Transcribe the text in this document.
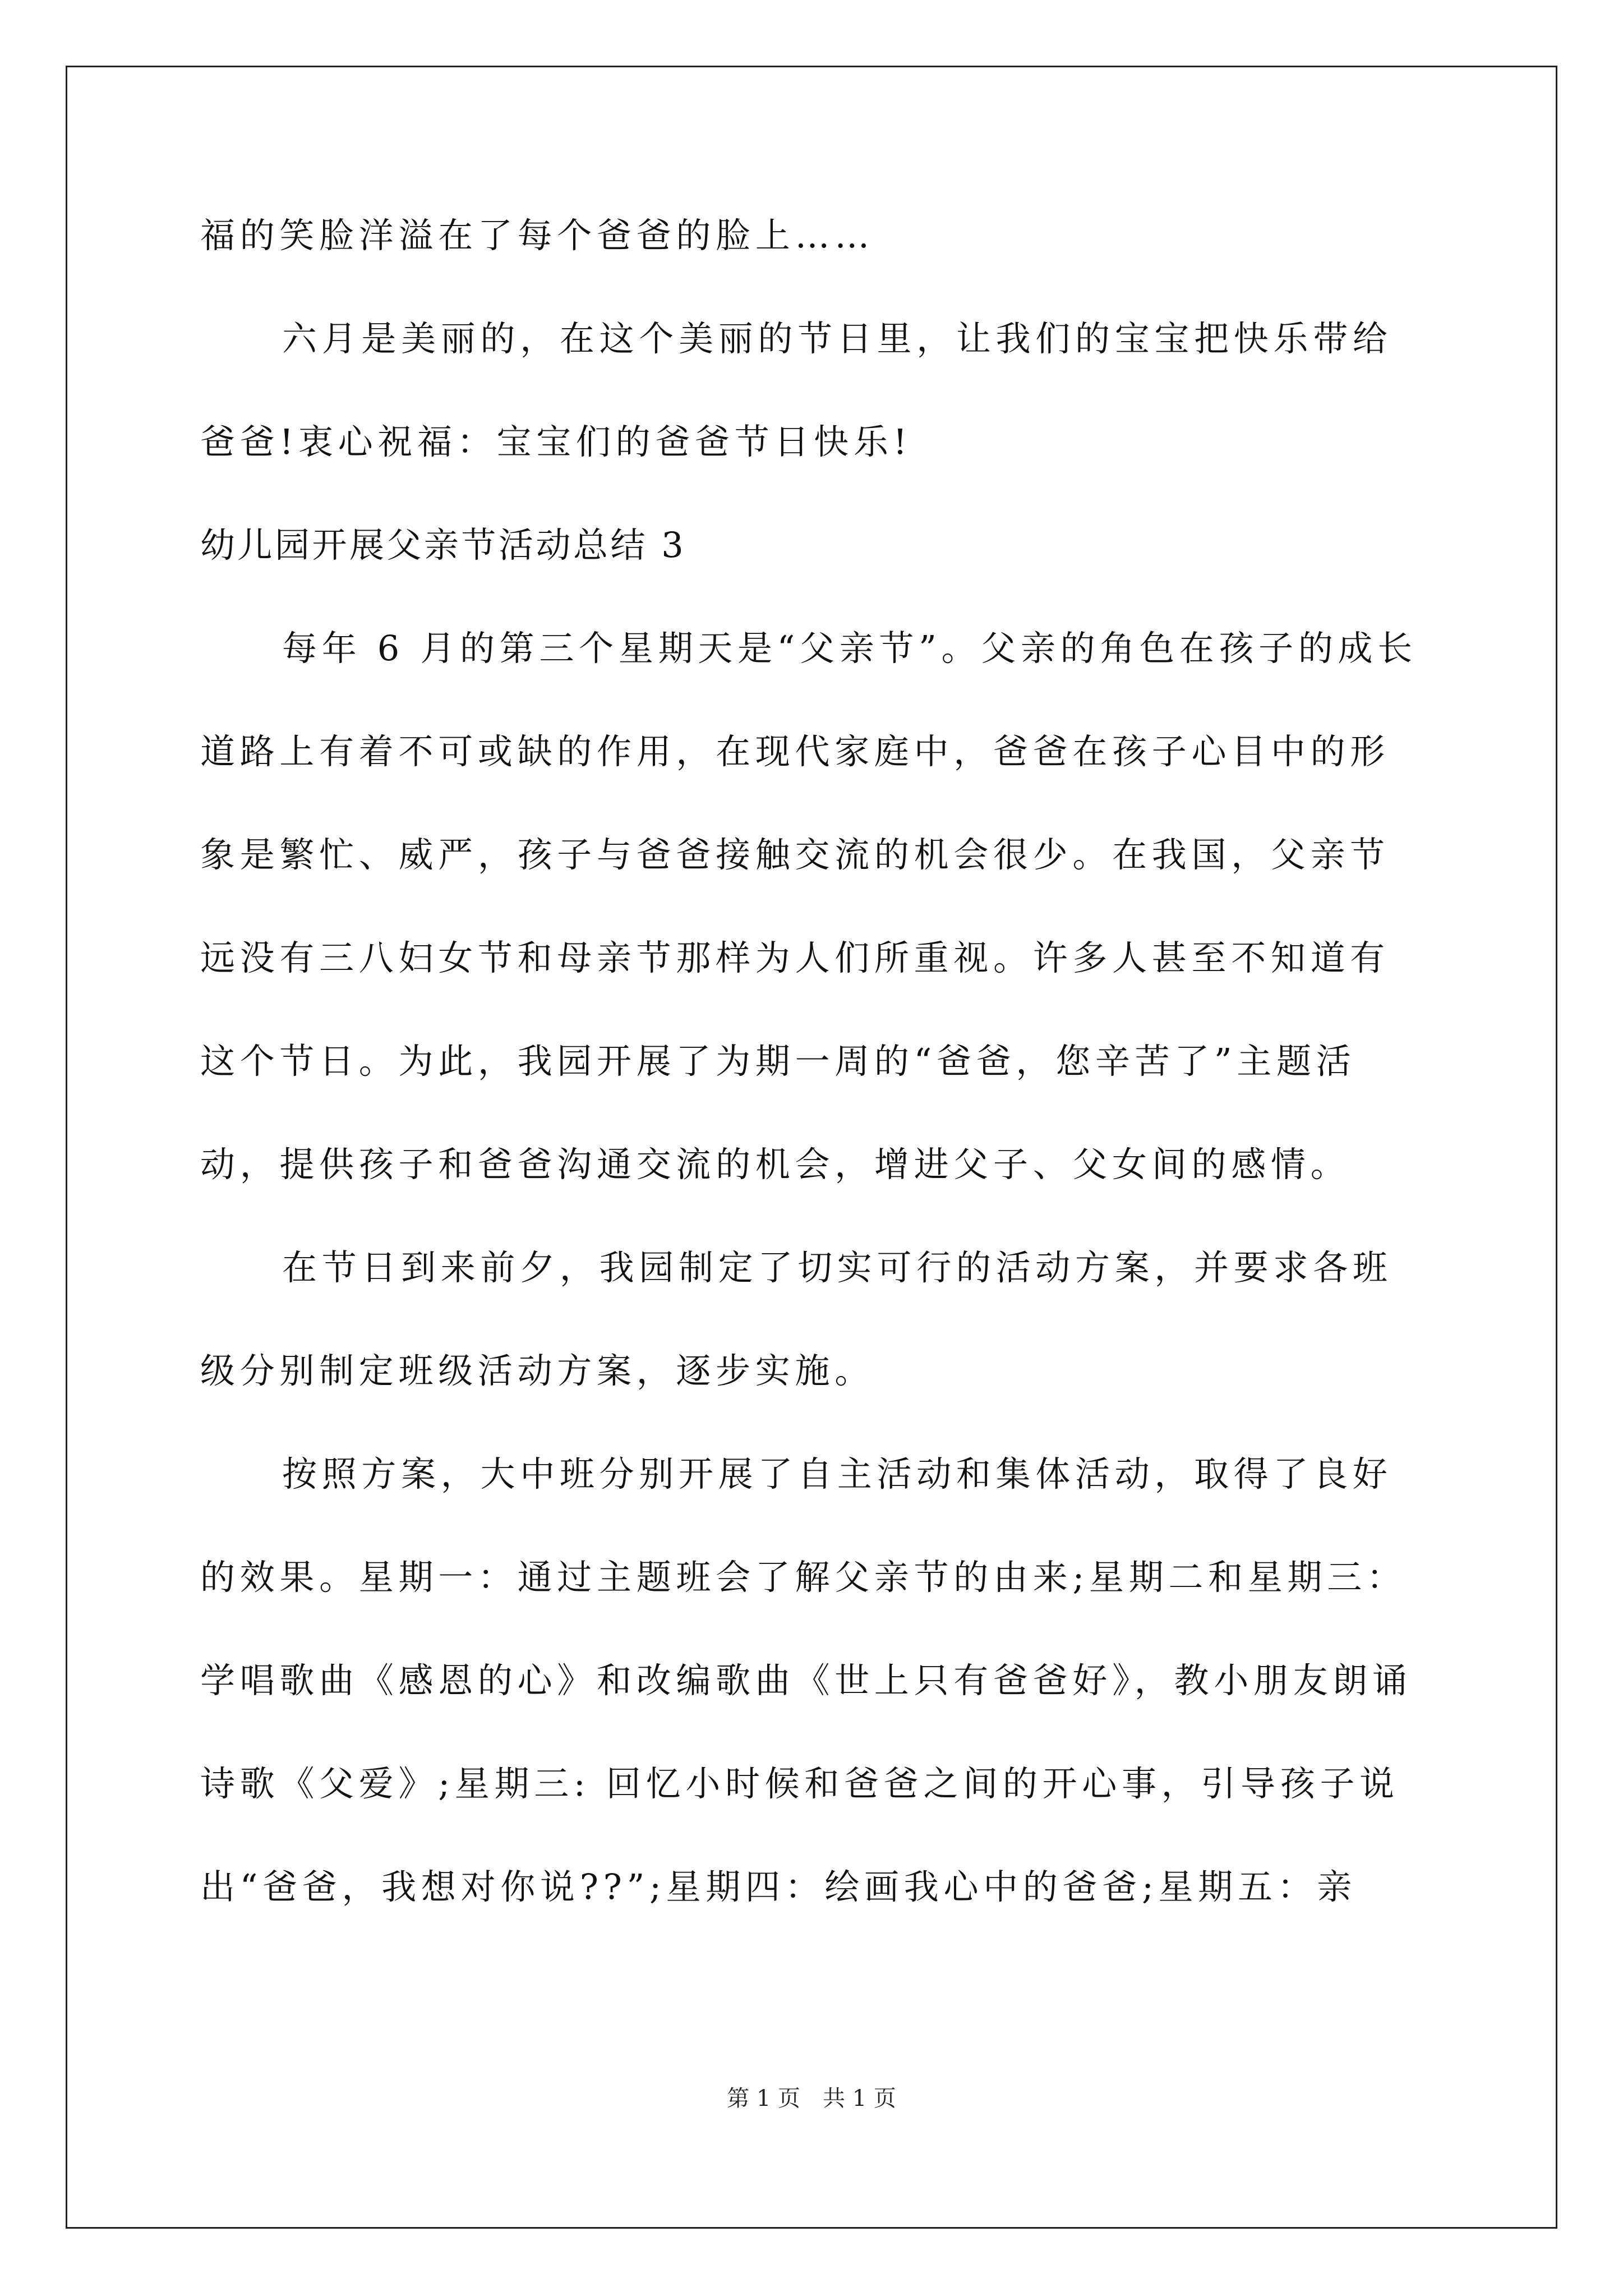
福的笑脸洋溢在了每个爸爸的脸上……
六月是美丽的，在这个美丽的节日里，让我们的宝宝把快乐带给
爸爸!衷心祝福：宝宝们的爸爸节日快乐!
幼儿园开展父亲节活动总结 3
每年 6 月的第三个星期天是“父亲节”。父亲的角色在孩子的成长
道路上有着不可或缺的作用，在现代家庭中，爸爸在孩子心目中的形
象是繁忙、威严，孩子与爸爸接触交流的机会很少。在我国，父亲节
远没有三八妇女节和母亲节那样为人们所重视。许多人甚至不知道有
这个节日。为此，我园开展了为期一周的“爸爸，您辛苦了”主题活
动，提供孩子和爸爸沟通交流的机会，增进父子、父女间的感情。
在节日到来前夕，我园制定了切实可行的活动方案，并要求各班
级分别制定班级活动方案，逐步实施。
按照方案，大中班分别开展了自主活动和集体活动，取得了良好
的效果。星期一：通过主题班会了解父亲节的由来;星期二和星期三：
学唱歌曲《感恩的心》和改编歌曲《世上只有爸爸好》，教小朋友朗诵
诗歌《父爱》;星期三: 回忆小时候和爸爸之间的开心事，引导孩子说
出“爸爸，我想对你说??”;星期四：绘画我心中的爸爸;星期五：亲
第 1 页　共 1 页
